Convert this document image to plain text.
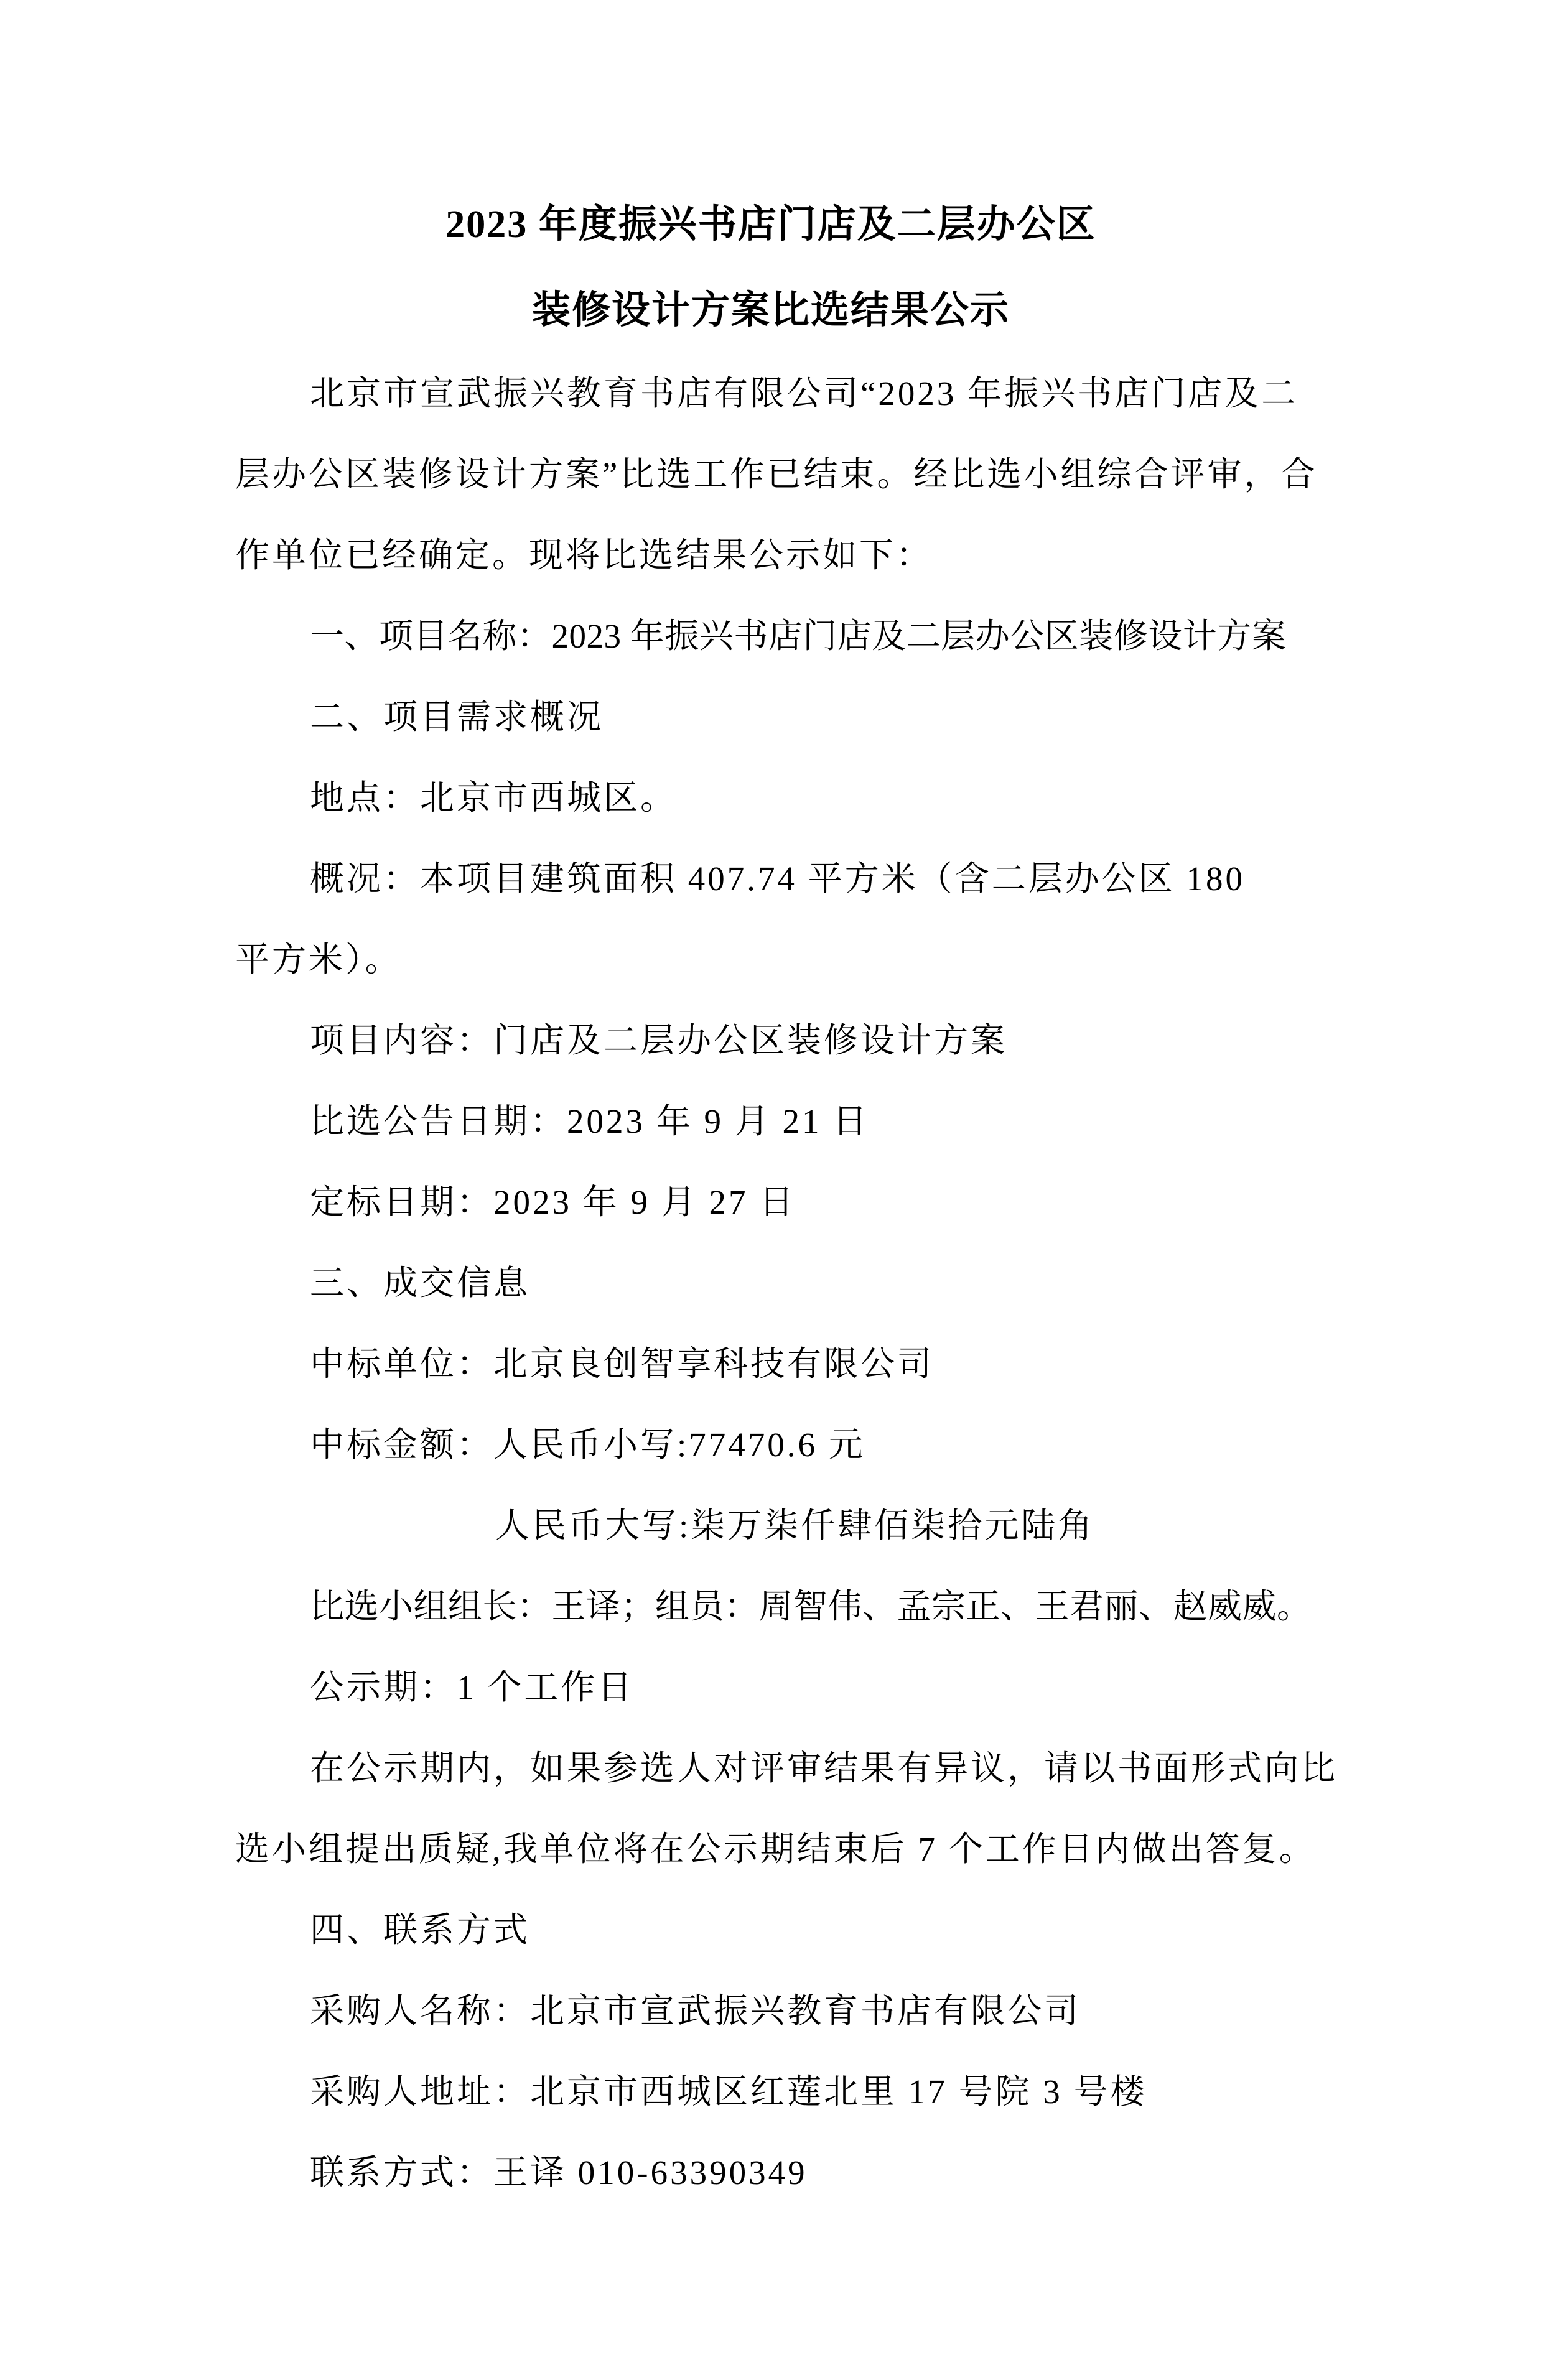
2023 年度振兴书店门店及二层办公区
装修设计方案比选结果公示
北京市宣武振兴教育书店有限公司“2023 年振兴书店门店及二
层办公区装修设计方案”比选工作已结束。经比选小组综合评审，合
作单位已经确定。现将比选结果公示如下：
一、项目名称：2023 年振兴书店门店及二层办公区装修设计方案
二、项目需求概况
地点：北京市西城区。
概况：本项目建筑面积 407.74 平方米（含二层办公区 180
平方米）。
项目内容：门店及二层办公区装修设计方案
比选公告日期：2023 年 9 月 21 日
定标日期：2023 年 9 月 27 日
三、成交信息
中标单位：北京良创智享科技有限公司
中标金额：人民币小写:77470.6 元
人民币大写:柒万柒仟肆佰柒拾元陆角
比选小组组长：王译；组员：周智伟、孟宗正、王君丽、赵威威。
公示期：1 个工作日
在公示期内，如果参选人对评审结果有异议，请以书面形式向比
选小组提出质疑,我单位将在公示期结束后 7 个工作日内做出答复。
四、联系方式
采购人名称：北京市宣武振兴教育书店有限公司
采购人地址：北京市西城区红莲北里 17 号院 3 号楼
联系方式：王译 010-63390349
